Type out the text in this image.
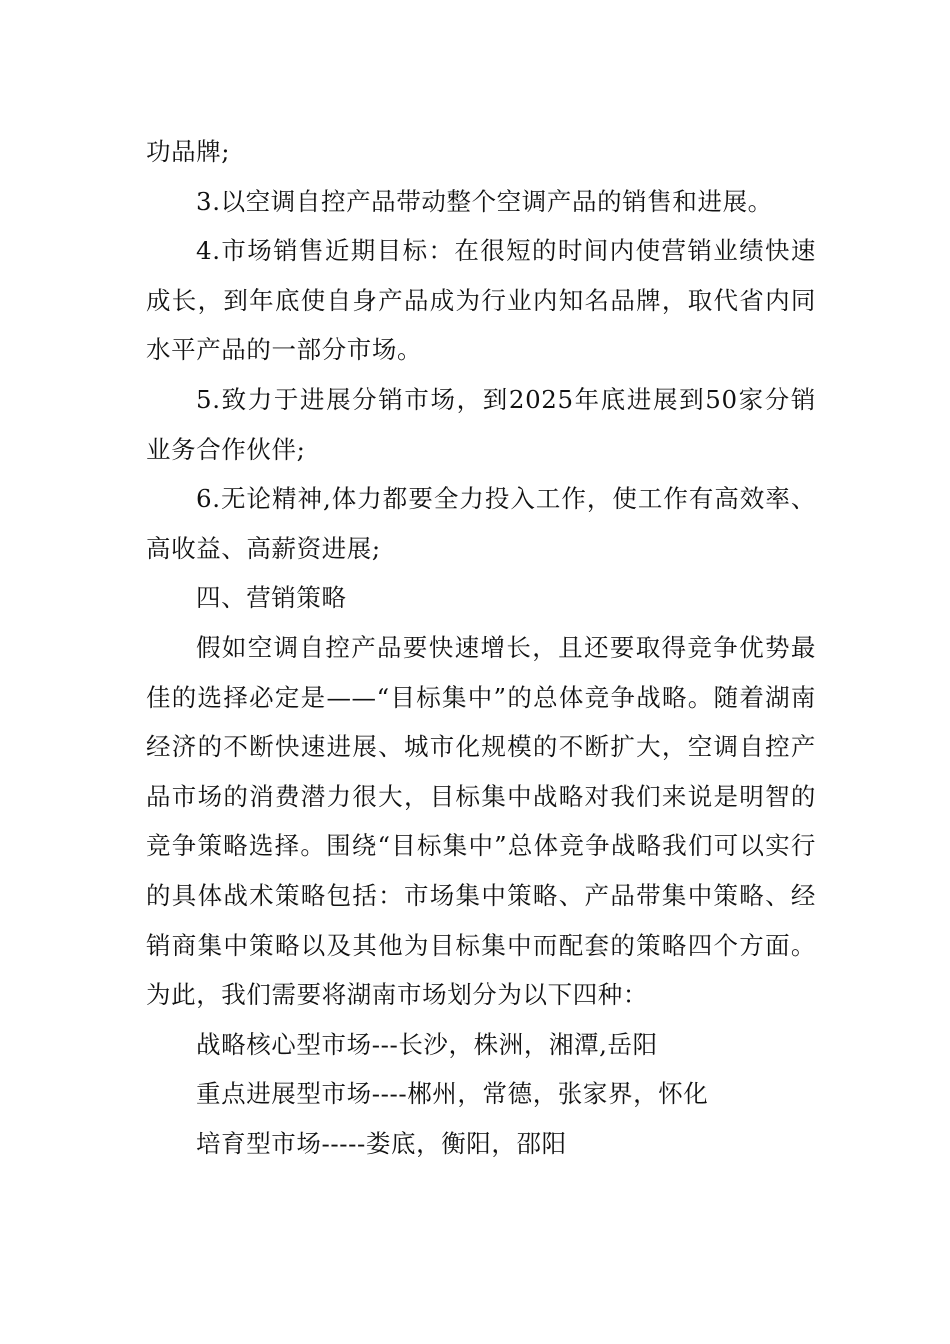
功品牌;

3.以空调自控产品带动整个空调产品的销售和进展。

4.市场销售近期目标：在很短的时间内使营销业绩快速成长，到年底使自身产品成为行业内知名品牌，取代省内同水平产品的一部分市场。

5.致力于进展分销市场，到2025年底进展到50家分销业务合作伙伴;

6.无论精神,体力都要全力投入工作，使工作有高效率、高收益、高薪资进展;

四、营销策略

假如空调自控产品要快速增长，且还要取得竞争优势最佳的选择必定是——“目标集中”的总体竞争战略。随着湖南经济的不断快速进展、城市化规模的不断扩大，空调自控产品市场的消费潜力很大，目标集中战略对我们来说是明智的竞争策略选择。围绕“目标集中”总体竞争战略我们可以实行的具体战术策略包括：市场集中策略、产品带集中策略、经销商集中策略以及其他为目标集中而配套的策略四个方面。为此，我们需要将湖南市场划分为以下四种：

战略核心型市场---长沙，株洲，湘潭,岳阳

重点进展型市场----郴州，常德，张家界，怀化

培育型市场-----娄底，衡阳，邵阳
